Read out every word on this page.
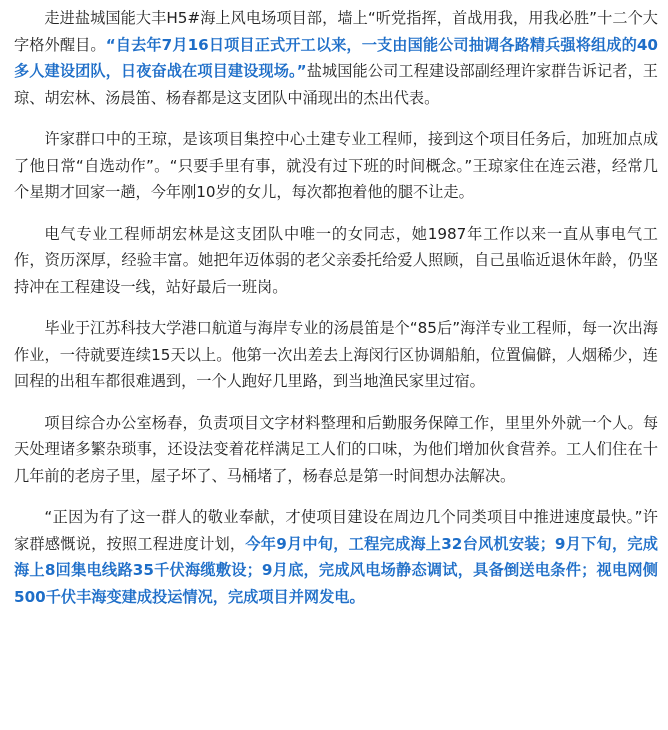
走进盐城国能大丰H5#海上风电场项目部，墙上“听党指挥，首战用我，用我必胜”十二个大字格外醒目。“自去年7月16日项目正式开工以来，一支由国能公司抽调各路精兵强将组成的40多人建设团队，日夜奋战在项目建设现场。”盐城国能公司工程建设部副经理许家群告诉记者，王琼、胡宏林、汤晨笛、杨春都是这支团队中涌现出的杰出代表。

许家群口中的王琼，是该项目集控中心土建专业工程师，接到这个项目任务后，加班加点成了他日常“自选动作”。“只要手里有事，就没有过下班的时间概念。”王琼家住在连云港，经常几个星期才回家一趟，今年刚10岁的女儿，每次都抱着他的腿不让走。

电气专业工程师胡宏林是这支团队中唯一的女同志，她1987年工作以来一直从事电气工作，资历深厚，经验丰富。她把年迈体弱的老父亲委托给爱人照顾，自己虽临近退休年龄，仍坚持冲在工程建设一线，站好最后一班岗。

毕业于江苏科技大学港口航道与海岸专业的汤晨笛是个“85后”海洋专业工程师，每一次出海作业，一待就要连续15天以上。他第一次出差去上海闵行区协调船舶，位置偏僻，人烟稀少，连回程的出租车都很难遇到，一个人跑好几里路，到当地渔民家里过宿。

项目综合办公室杨春，负责项目文字材料整理和后勤服务保障工作，里里外外就一个人。每天处理诸多繁杂琐事，还设法变着花样满足工人们的口味，为他们增加伙食营养。工人们住在十几年前的老房子里，屋子坏了、马桶堵了，杨春总是第一时间想办法解决。

“正因为有了这一群人的敬业奉献，才使项目建设在周边几个同类项目中推进速度最快。”许家群感慨说，按照工程进度计划，今年9月中旬，工程完成海上32台风机安装；9月下旬，完成海上8回集电线路35千伏海缆敷设；9月底，完成风电场静态调试，具备倒送电条件；视电网侧500千伏丰海变建成投运情况，完成项目并网发电。
